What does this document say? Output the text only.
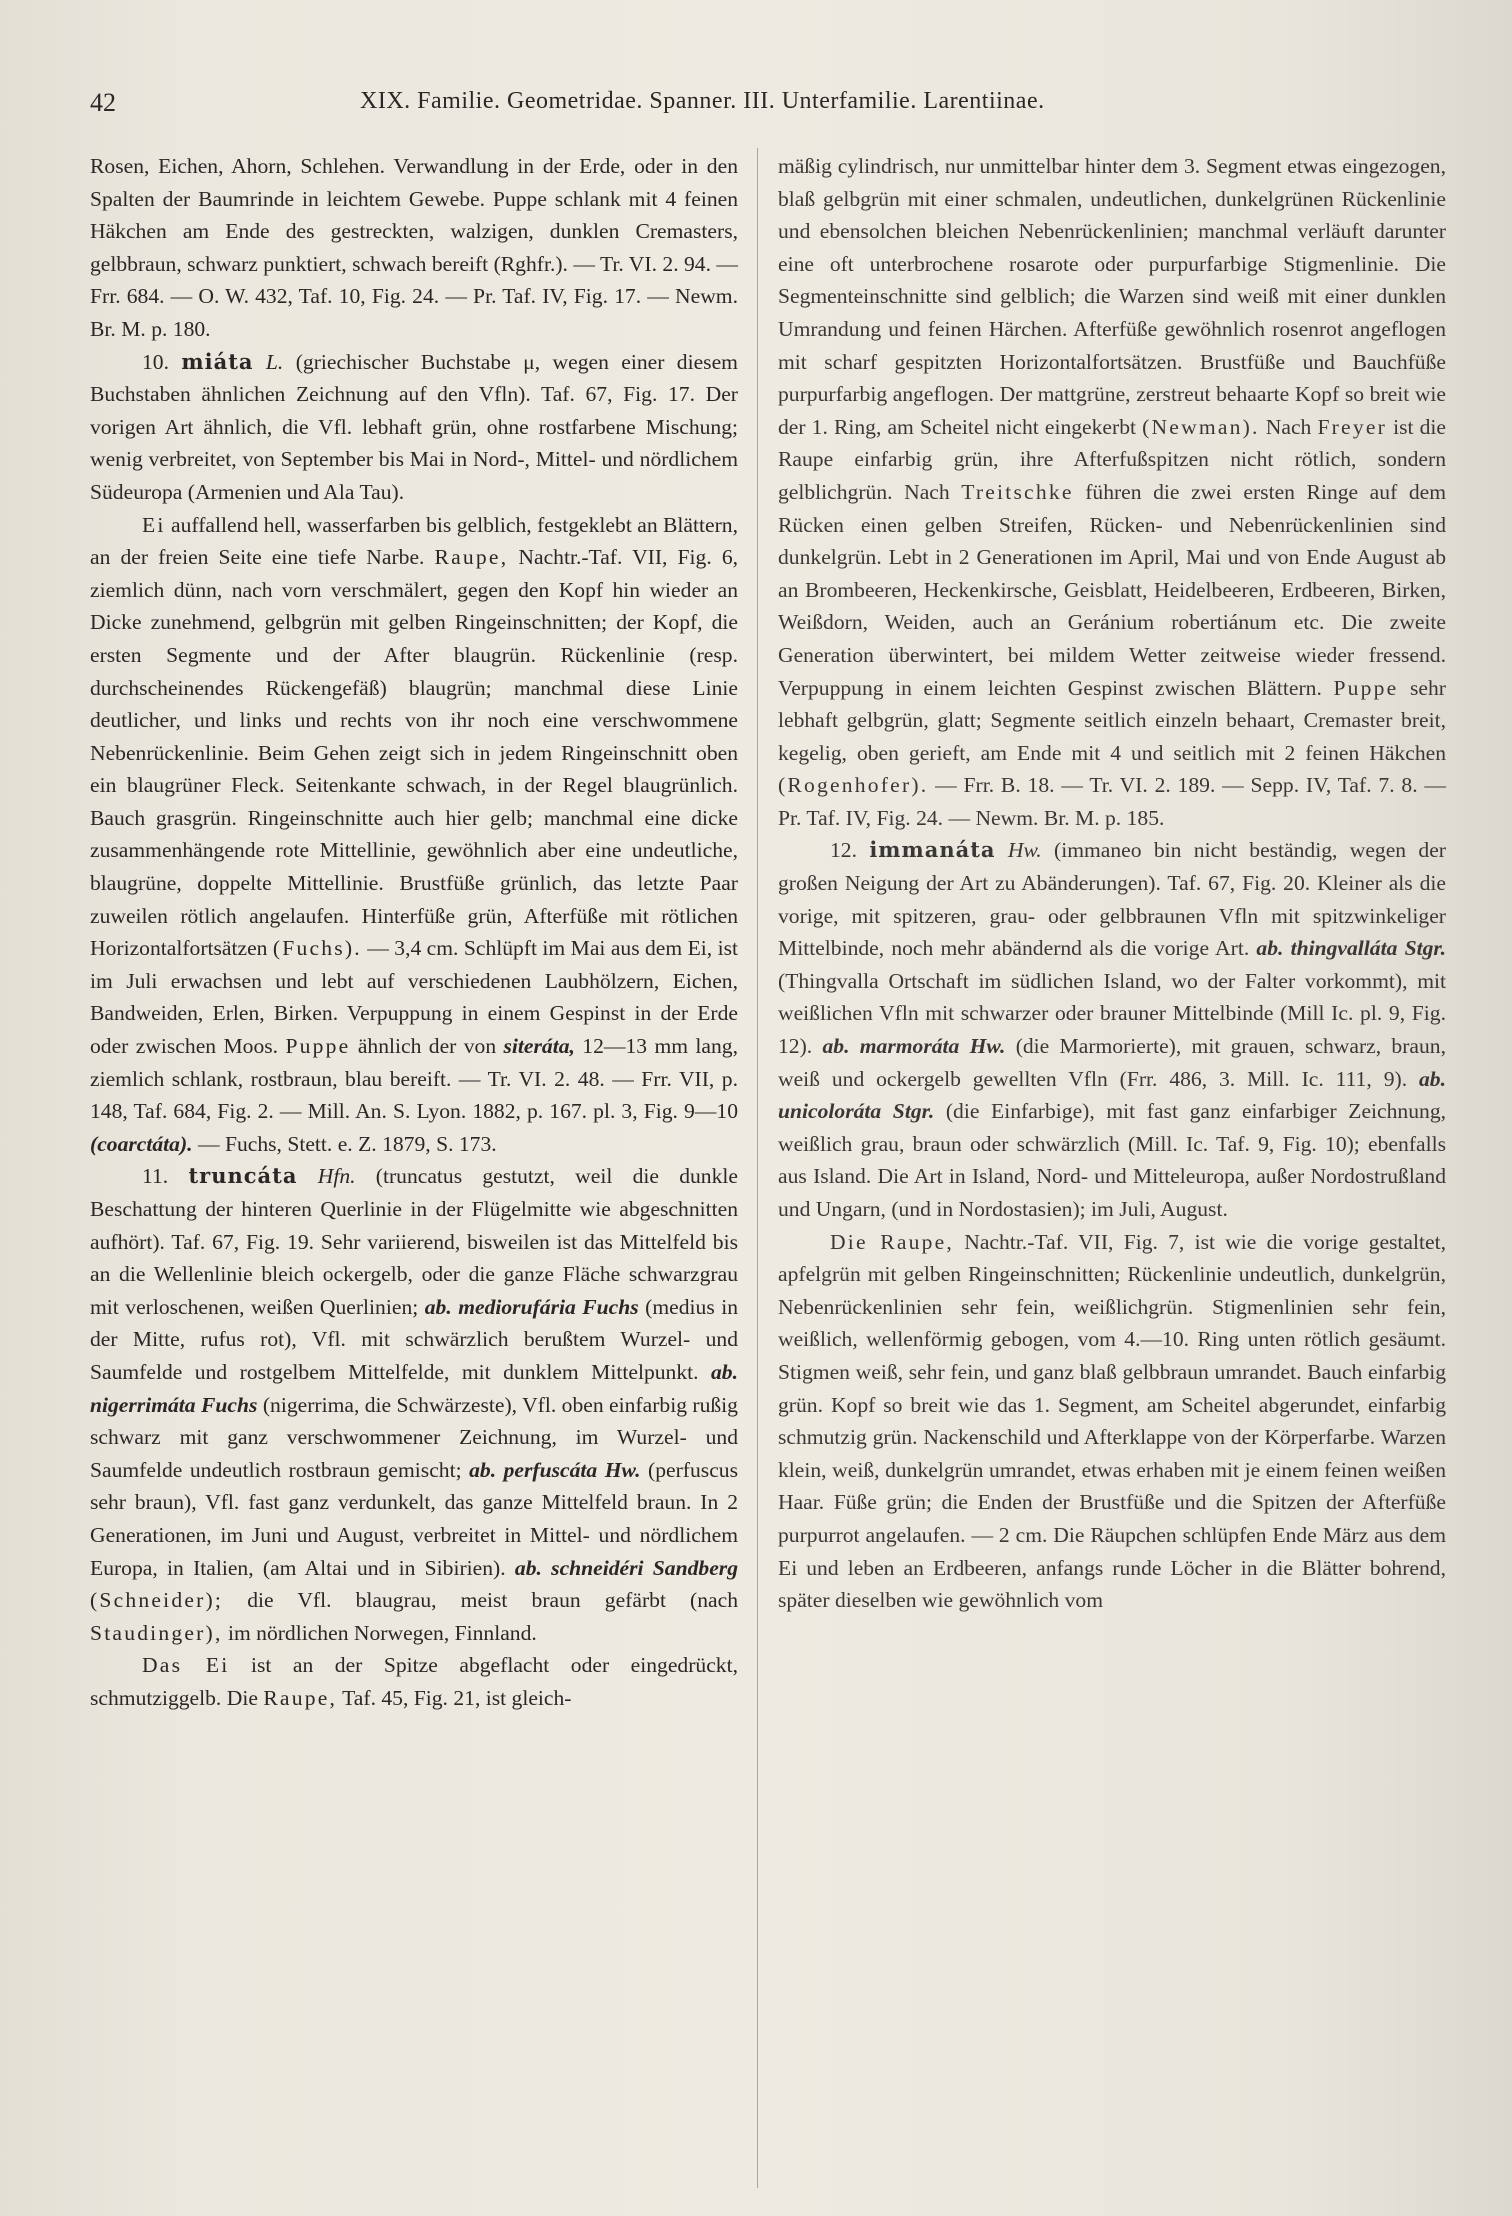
42	XIX. Familie. Geometridae. Spanner. III. Unterfamilie. Larentiinae.

Rosen, Eichen, Ahorn, Schlehen. Verwandlung in der Erde, oder in den Spalten der Baumrinde in leichtem Gewebe. Puppe schlank mit 4 feinen Häkchen am Ende des gestreckten, walzigen, dunklen Cremasters, gelbbraun, schwarz punktiert, schwach bereift (Rghfr.). — Tr. VI. 2. 94. — Frr. 684. — O. W. 432, Taf. 10, Fig. 24. — Pr. Taf. IV, Fig. 17. — Newm. Br. M. p. 180.

10. miáta L. (griechischer Buchstabe μ, wegen einer diesem Buchstaben ähnlichen Zeichnung auf den Vfln). Taf. 67, Fig. 17. Der vorigen Art ähnlich, die Vfl. lebhaft grün, ohne rostfarbene Mischung; wenig verbreitet, von September bis Mai in Nord-, Mittel- und nördlichem Südeuropa (Armenien und Ala Tau).

Ei auffallend hell, wasserfarben bis gelblich, festgeklebt an Blättern, an der freien Seite eine tiefe Narbe. Raupe, Nachtr.-Taf. VII, Fig. 6, ziemlich dünn, nach vorn verschmälert, gegen den Kopf hin wieder an Dicke zunehmend, gelbgrün mit gelben Ringeinschnitten; der Kopf, die ersten Segmente und der After blaugrün. Rückenlinie (resp. durchscheinendes Rückengefäß) blaugrün; manchmal diese Linie deutlicher, und links und rechts von ihr noch eine verschwommene Nebenrückenlinie. Beim Gehen zeigt sich in jedem Ringeinschnitt oben ein blaugrüner Fleck. Seitenkante schwach, in der Regel blaugrünlich. Bauch grasgrün. Ringeinschnitte auch hier gelb; manchmal eine dicke zusammenhängende rote Mittellinie, gewöhnlich aber eine undeutliche, blaugrüne, doppelte Mittellinie. Brustfüße grünlich, das letzte Paar zuweilen rötlich angelaufen. Hinterfüße grün, Afterfüße mit rötlichen Horizontalfortsätzen (Fuchs). — 3,4 cm. Schlüpft im Mai aus dem Ei, ist im Juli erwachsen und lebt auf verschiedenen Laubhölzern, Eichen, Bandweiden, Erlen, Birken. Verpuppung in einem Gespinst in der Erde oder zwischen Moos. Puppe ähnlich der von siteráta, 12—13 mm lang, ziemlich schlank, rostbraun, blau bereift. — Tr. VI. 2. 48. — Frr. VII, p. 148, Taf. 684, Fig. 2. — Mill. An. S. Lyon. 1882, p. 167. pl. 3, Fig. 9—10 (coarctáta). — Fuchs, Stett. e. Z. 1879, S. 173.

11. truncáta Hfn. (truncatus gestutzt, weil die dunkle Beschattung der hinteren Querlinie in der Flügelmitte wie abgeschnitten aufhört). Taf. 67, Fig. 19. Sehr variierend, bisweilen ist das Mittelfeld bis an die Wellenlinie bleich ockergelb, oder die ganze Fläche schwarzgrau mit verloschenen, weißen Querlinien; ab. mediorufária Fuchs (medius in der Mitte, rufus rot), Vfl. mit schwärzlich berußtem Wurzel- und Saumfelde und rostgelbem Mittelfelde, mit dunklem Mittelpunkt. ab. nigerrimáta Fuchs (nigerrima, die Schwärzeste), Vfl. oben einfarbig rußig schwarz mit ganz verschwommener Zeichnung, im Wurzel- und Saumfelde undeutlich rostbraun gemischt; ab. perfuscáta Hw. (perfuscus sehr braun), Vfl. fast ganz verdunkelt, das ganze Mittelfeld braun. In 2 Generationen, im Juni und August, verbreitet in Mittel- und nördlichem Europa, in Italien, (am Altai und in Sibirien). ab. schneidéri Sandberg (Schneider); die Vfl. blaugrau, meist braun gefärbt (nach Staudinger), im nördlichen Norwegen, Finnland.

Das Ei ist an der Spitze abgeflacht oder eingedrückt, schmutziggelb. Die Raupe, Taf. 45, Fig. 21, ist gleich-

mäßig cylindrisch, nur unmittelbar hinter dem 3. Segment etwas eingezogen, blaß gelbgrün mit einer schmalen, undeutlichen, dunkelgrünen Rückenlinie und ebensolchen bleichen Nebenrückenlinien; manchmal verläuft darunter eine oft unterbrochene rosarote oder purpurfarbige Stigmenlinie. Die Segmenteinschnitte sind gelblich; die Warzen sind weiß mit einer dunklen Umrandung und feinen Härchen. Afterfüße gewöhnlich rosenrot angeflogen mit scharf gespitzten Horizontalfortsätzen. Brustfüße und Bauchfüße purpurfarbig angeflogen. Der mattgrüne, zerstreut behaarte Kopf so breit wie der 1. Ring, am Scheitel nicht eingekerbt (Newman). Nach Freyer ist die Raupe einfarbig grün, ihre Afterfußspitzen nicht rötlich, sondern gelblichgrün. Nach Treitschke führen die zwei ersten Ringe auf dem Rücken einen gelben Streifen, Rücken- und Nebenrückenlinien sind dunkelgrün. Lebt in 2 Generationen im April, Mai und von Ende August ab an Brombeeren, Heckenkirsche, Geisblatt, Heidelbeeren, Erdbeeren, Birken, Weißdorn, Weiden, auch an Geránium robertiánum etc. Die zweite Generation überwintert, bei mildem Wetter zeitweise wieder fressend. Verpuppung in einem leichten Gespinst zwischen Blättern. Puppe sehr lebhaft gelbgrün, glatt; Segmente seitlich einzeln behaart, Cremaster breit, kegelig, oben gerieft, am Ende mit 4 und seitlich mit 2 feinen Häkchen (Rogenhofer). — Frr. B. 18. — Tr. VI. 2. 189. — Sepp. IV, Taf. 7. 8. — Pr. Taf. IV, Fig. 24. — Newm. Br. M. p. 185.

12. immanáta Hw. (immaneo bin nicht beständig, wegen der großen Neigung der Art zu Abänderungen). Taf. 67, Fig. 20. Kleiner als die vorige, mit spitzeren, grau- oder gelbbraunen Vfln mit spitzwinkeliger Mittelbinde, noch mehr abändernd als die vorige Art. ab. thingvalláta Stgr. (Thingvalla Ortschaft im südlichen Island, wo der Falter vorkommt), mit weißlichen Vfln mit schwarzer oder brauner Mittelbinde (Mill Ic. pl. 9, Fig. 12). ab. marmoráta Hw. (die Marmorierte), mit grauen, schwarz, braun, weiß und ockergelb gewellten Vfln (Frr. 486, 3. Mill. Ic. 111, 9). ab. unicoloráta Stgr. (die Einfarbige), mit fast ganz einfarbiger Zeichnung, weißlich grau, braun oder schwärzlich (Mill. Ic. Taf. 9, Fig. 10); ebenfalls aus Island. Die Art in Island, Nord- und Mitteleuropa, außer Nordostrußland und Ungarn, (und in Nordostasien); im Juli, August.

Die Raupe, Nachtr.-Taf. VII, Fig. 7, ist wie die vorige gestaltet, apfelgrün mit gelben Ringeinschnitten; Rückenlinie undeutlich, dunkelgrün, Nebenrückenlinien sehr fein, weißlichgrün. Stigmenlinien sehr fein, weißlich, wellenförmig gebogen, vom 4.—10. Ring unten rötlich gesäumt. Stigmen weiß, sehr fein, und ganz blaß gelbbraun umrandet. Bauch einfarbig grün. Kopf so breit wie das 1. Segment, am Scheitel abgerundet, einfarbig schmutzig grün. Nackenschild und Afterklappe von der Körperfarbe. Warzen klein, weiß, dunkelgrün umrandet, etwas erhaben mit je einem feinen weißen Haar. Füße grün; die Enden der Brustfüße und die Spitzen der Afterfüße purpurrot angelaufen. — 2 cm. Die Räupchen schlüpfen Ende März aus dem Ei und leben an Erdbeeren, anfangs runde Löcher in die Blätter bohrend, später dieselben wie gewöhnlich vom
